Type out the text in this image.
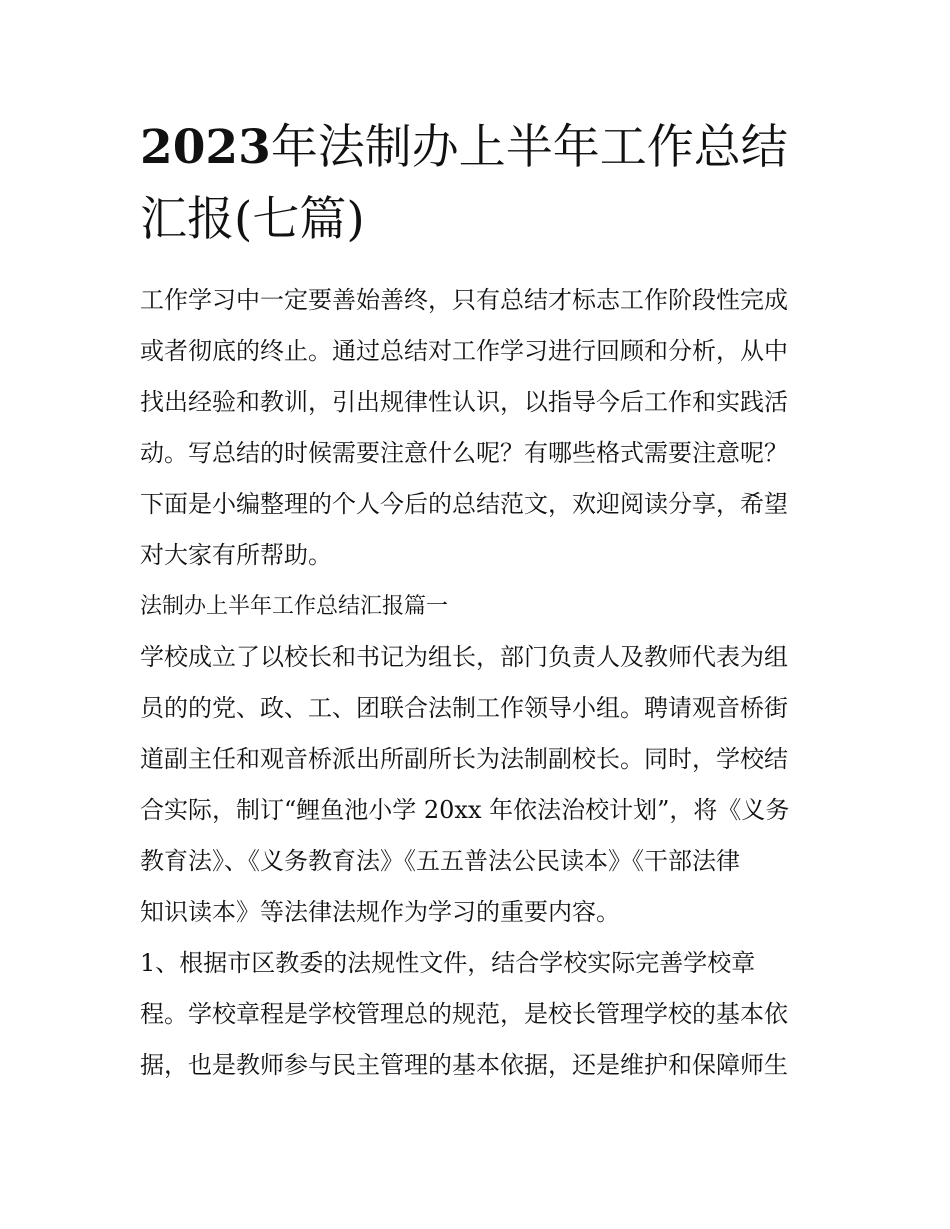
2023年法制办上半年工作总结汇报(七篇)

工作学习中一定要善始善终，只有总结才标志工作阶段性完成

或者彻底的终止。通过总结对工作学习进行回顾和分析，从中

找出经验和教训，引出规律性认识，以指导今后工作和实践活

动。写总结的时候需要注意什么呢？有哪些格式需要注意呢？

下面是小编整理的个人今后的总结范文，欢迎阅读分享，希望

对大家有所帮助。

法制办上半年工作总结汇报篇一

学校成立了以校长和书记为组长，部门负责人及教师代表为组

员的的党、政、工、团联合法制工作领导小组。聘请观音桥街

道副主任和观音桥派出所副所长为法制副校长。同时，学校结

合实际，制订“鲤鱼池小学 20xx 年依法治校计划”，将《义务

教育法》、《义务教育法》《五五普法公民读本》《干部法律

知识读本》等法律法规作为学习的重要内容。

1、根据市区教委的法规性文件，结合学校实际完善学校章

程。学校章程是学校管理总的规范，是校长管理学校的基本依

据，也是教师参与民主管理的基本依据，还是维护和保障师生
